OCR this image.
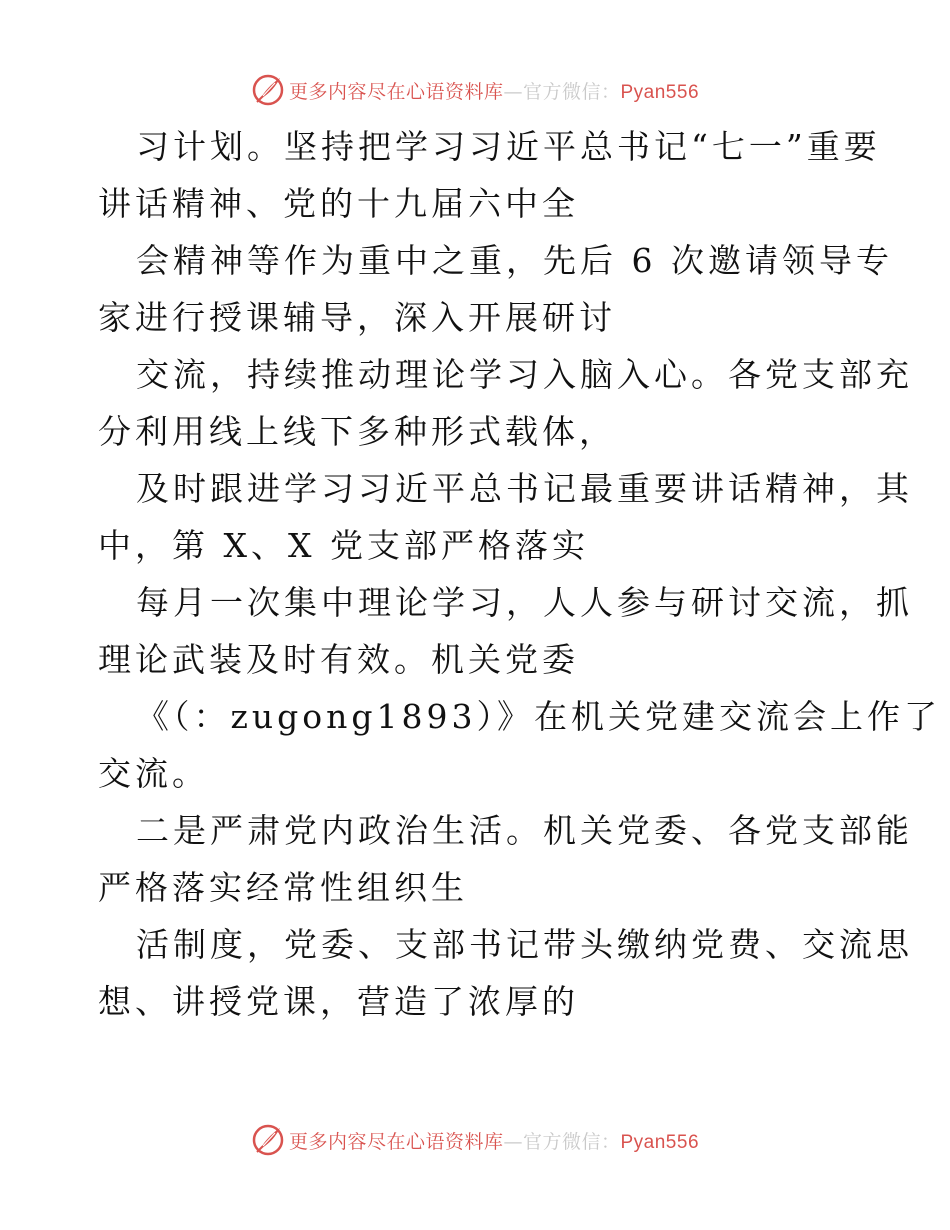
更多内容尽在心语资料库—官方微信：Pyan556
习计划。坚持把学习习近平总书记“七一”重要
讲话精神、党的十九届六中全
会精神等作为重中之重，先后 6 次邀请领导专
家进行授课辅导，深入开展研讨
交流，持续推动理论学习入脑入心。各党支部充
分利用线上线下多种形式载体，
及时跟进学习习近平总书记最重要讲话精神，其
中，第 X、X 党支部严格落实
每月一次集中理论学习，人人参与研讨交流，抓
理论武装及时有效。机关党委
《（：zugong1893）》在机关党建交流会上作了
交流。
二是严肃党内政治生活。机关党委、各党支部能
严格落实经常性组织生
活制度，党委、支部书记带头缴纳党费、交流思
想、讲授党课，营造了浓厚的
更多内容尽在心语资料库—官方微信：Pyan556
